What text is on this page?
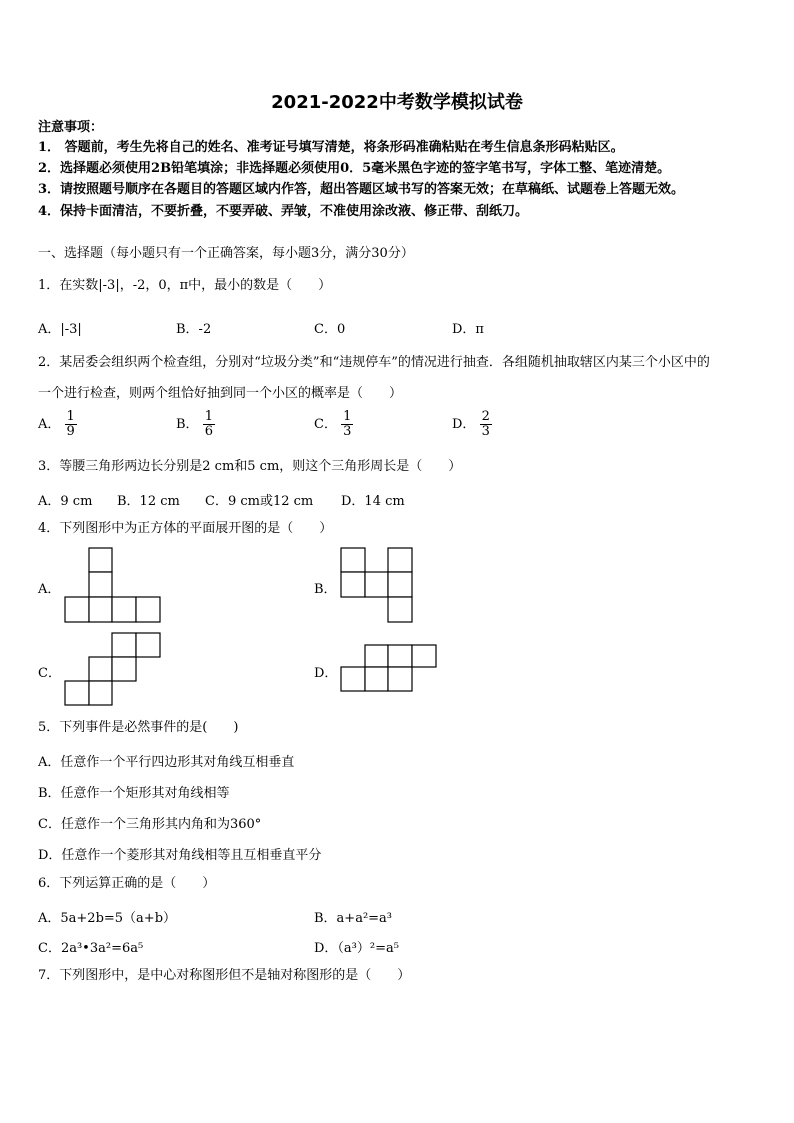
2021-2022中考数学模拟试卷
注意事项：
1． 答题前，考生先将自己的姓名、准考证号填写清楚，将条形码准确粘贴在考生信息条形码粘贴区。
2．选择题必须使用2B铅笔填涂；非选择题必须使用0．5毫米黑色字迹的签字笔书写，字体工整、笔迹清楚。
3．请按照题号顺序在各题目的答题区域内作答，超出答题区域书写的答案无效；在草稿纸、试题卷上答题无效。
4．保持卡面清洁，不要折叠，不要弄破、弄皱，不准使用涂改液、修正带、刮纸刀。
一、选择题（每小题只有一个正确答案，每小题3分，满分30分）
1．在实数|-3|，-2，0，π中，最小的数是（　　）
A．|-3|	B．-2	C．0	D．π
2．某居委会组织两个检查组，分别对“垃圾分类”和“违规停车”的情况进行抽查．各组随机抽取辖区内某三个小区中的
一个进行检查，则两个组恰好抽到同一个小区的概率是（　　）
A． $\frac{1}{9}$	B． $\frac{1}{6}$	C． $\frac{1}{3}$	D． $\frac{2}{3}$
3．等腰三角形两边长分别是2 cm和5 cm，则这个三角形周长是（　　）
A．9 cm B．12 cm C．9 cm或12 cm D．14 cm
4．下列图形中为正方体的平面展开图的是（　　）
A．	B．
C．	D．
5．下列事件是必然事件的是(　　)
A．任意作一个平行四边形其对角线互相垂直
B．任意作一个矩形其对角线相等
C．任意作一个三角形其内角和为360°
D．任意作一个菱形其对角线相等且互相垂直平分
6．下列运算正确的是（　　）
A．5a+2b=5（a+b）	B．a+a²=a³
C．2a³•3a²=6a⁵	D．（a³）²=a⁵
7．下列图形中，是中心对称图形但不是轴对称图形的是（　　）
